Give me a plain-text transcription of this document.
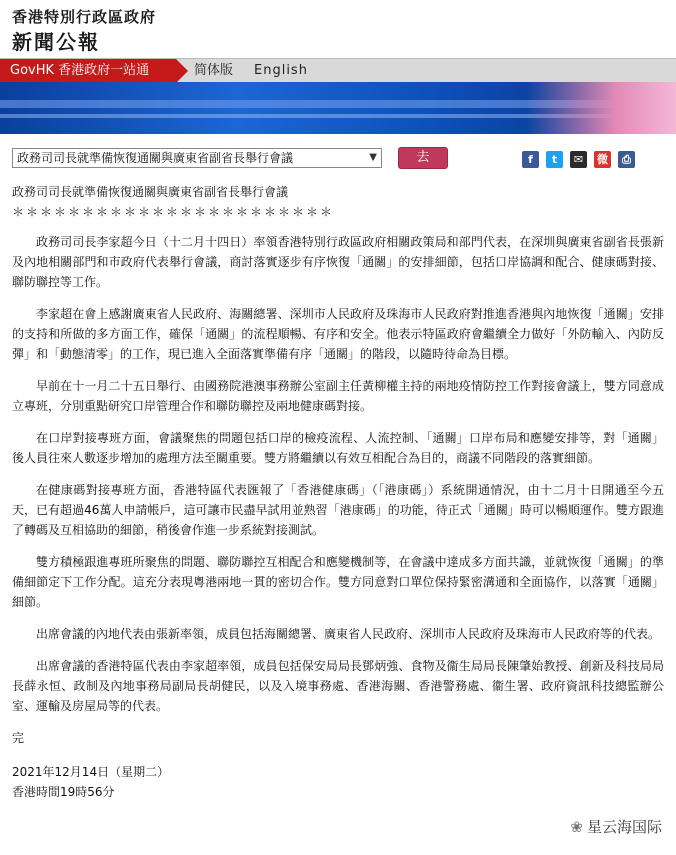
香港特別行政區政府
新聞公報
GovHK 香港政府一站通	简体版 English
政務司司長就準備恢復通關與廣東省副省長舉行會議	▼	去	f	t	✉	微	⎙

政務司司長就準備恢復通關與廣東省副省長舉行會議

＊＊＊＊＊＊＊＊＊＊＊＊＊＊＊＊＊＊＊＊＊＊＊

政務司司長李家超今日（十二月十四日）率領香港特別行政區政府相關政策局和部門代表，在深圳與廣東省副省長張新及內地相關部門和市政府代表舉行會議，商討落實逐步有序恢復「通關」的安排細節，包括口岸協調和配合、健康碼對接、聯防聯控等工作。

李家超在會上感謝廣東省人民政府、海關總署、深圳市人民政府及珠海市人民政府對推進香港與內地恢復「通關」安排的支持和所做的多方面工作，確保「通關」的流程順暢、有序和安全。他表示特區政府會繼續全力做好「外防輸入、內防反彈」和「動態清零」的工作，現已進入全面落實準備有序「通關」的階段，以隨時待命為目標。

早前在十一月二十五日舉行、由國務院港澳事務辦公室副主任黃柳權主持的兩地疫情防控工作對接會議上，雙方同意成立專班，分別重點研究口岸管理合作和聯防聯控及兩地健康碼對接。

在口岸對接專班方面，會議聚焦的問題包括口岸的檢疫流程、人流控制、「通關」口岸布局和應變安排等，對「通關」後人員往來人數逐步增加的處理方法至關重要。雙方將繼續以有效互相配合為目的，商議不同階段的落實細節。

在健康碼對接專班方面，香港特區代表匯報了「香港健康碼」（「港康碼」）系統開通情況，由十二月十日開通至今五天，已有超過46萬人申請帳戶，這可讓市民盡早試用並熟習「港康碼」的功能，待正式「通關」時可以暢順運作。雙方跟進了轉碼及互相協助的細節，稍後會作進一步系統對接測試。

雙方積極跟進專班所聚焦的問題、聯防聯控互相配合和應變機制等，在會議中達成多方面共識，並就恢復「通關」的準備細節定下工作分配。這充分表現粵港兩地一貫的密切合作。雙方同意對口單位保持緊密溝通和全面協作，以落實「通關」細節。

出席會議的內地代表由張新率領，成員包括海關總署、廣東省人民政府、深圳市人民政府及珠海市人民政府等的代表。

出席會議的香港特區代表由李家超率領，成員包括保安局局長鄧炳強、食物及衞生局局長陳肇始教授、創新及科技局局長薛永恒、政制及內地事務局副局長胡健民，以及入境事務處、香港海關、香港警務處、衞生署、政府資訊科技總監辦公室、運輸及房屋局等的代表。

完

2021年12月14日（星期二）

香港時間19時56分

❀ 星云海国际
